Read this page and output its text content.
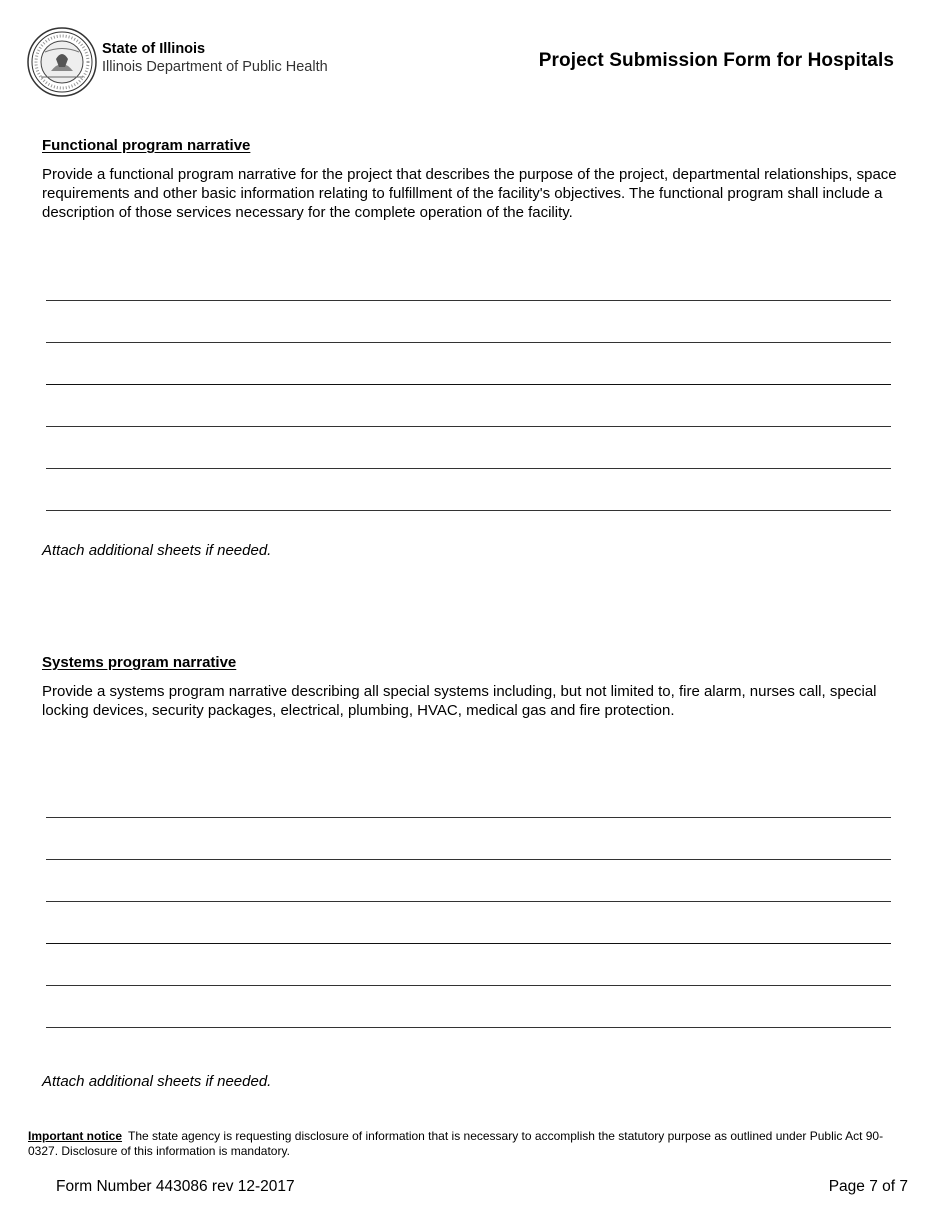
State of Illinois
Illinois Department of Public Health	Project Submission Form for Hospitals
Functional program narrative
Provide a functional program narrative for the project that describes the purpose of the project, departmental relationships, space requirements and other basic information relating to fulfillment of the facility's objectives. The functional program shall include a description of those services necessary for the complete operation of the facility.
Attach additional sheets if needed.
Systems program narrative
Provide a systems program narrative describing all special systems including, but not limited to, fire alarm, nurses call, special locking devices, security packages, electrical, plumbing, HVAC, medical gas and fire protection.
Attach additional sheets if needed.
Important notice The state agency is requesting disclosure of information that is necessary to accomplish the statutory purpose as outlined under Public Act 90-0327. Disclosure of this information is mandatory.
Form Number 443086 rev 12-2017	Page 7 of 7
